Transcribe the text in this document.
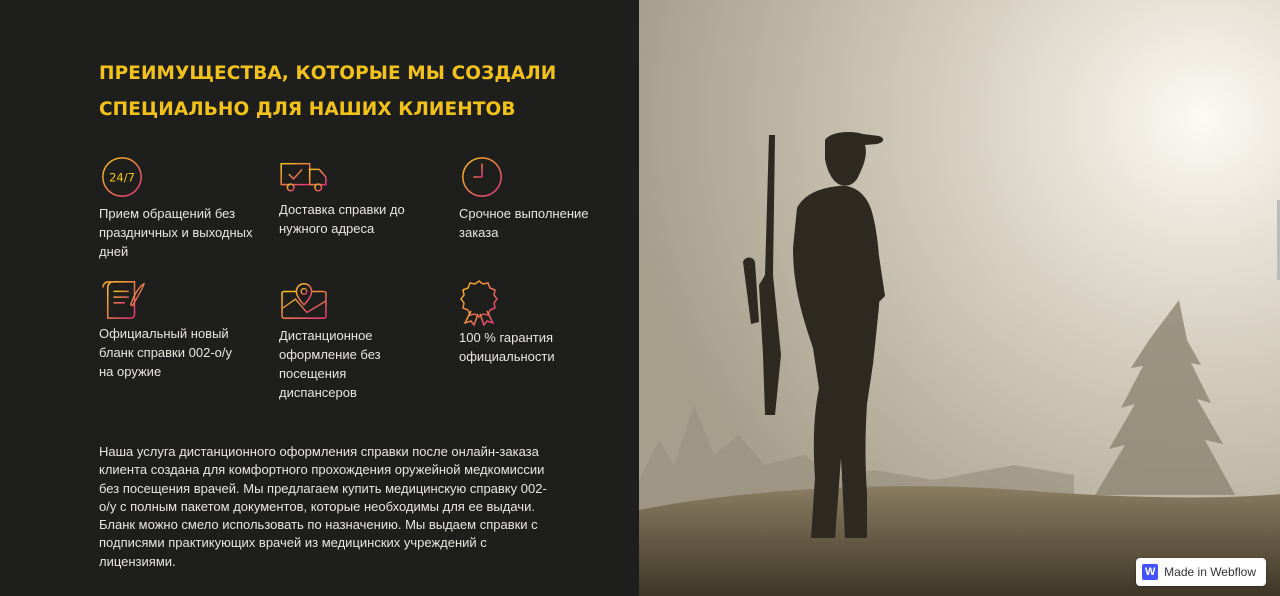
ПРЕИМУЩЕСТВА, КОТОРЫЕ МЫ СОЗДАЛИ
СПЕЦИАЛЬНО ДЛЯ НАШИХ КЛИЕНТОВ
24/7
Прием обращений без праздничных и выходных дней
Доставка справки до нужного адреса
Срочное выполнение заказа
Официальный новый бланк справки 002-о/у на оружие
Дистанционное оформление без посещения диспансеров
100 % гарантия официальности
Наша услуга дистанционного оформления справки после онлайн-заказа клиента создана для комфортного прохождения оружейной медкомиссии без посещения врачей. Мы предлагаем купить медицинскую справку 002-о/у с полным пакетом документов, которые необходимы для ее выдачи. Бланк можно смело использовать по назначению. Мы выдаем справки с подписями практикующих врачей из медицинских учреждений с лицензиями.
W Made in Webflow
